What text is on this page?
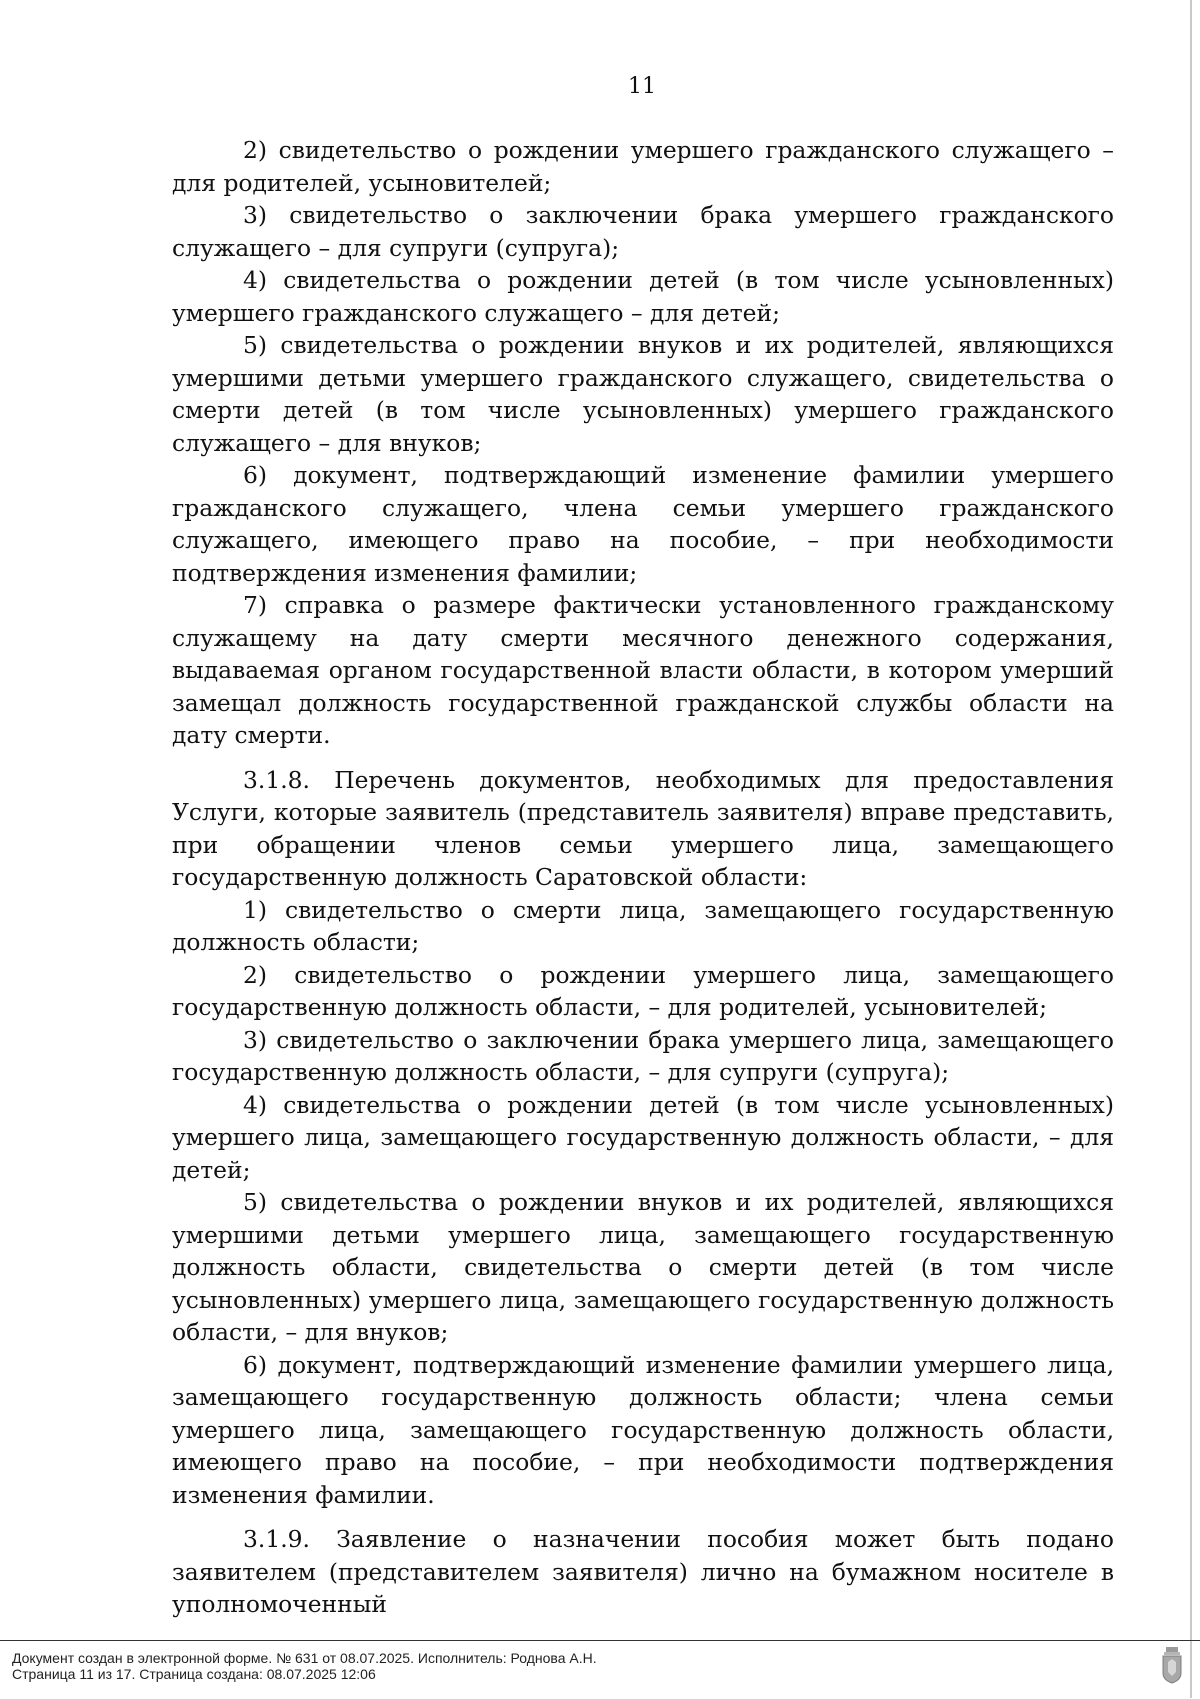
11

2) свидетельство о рождении умершего гражданского служащего – для родителей, усыновителей;

3) свидетельство о заключении брака умершего гражданского служащего – для супруги (супруга);

4) свидетельства о рождении детей (в том числе усыновленных) умершего гражданского служащего – для детей;

5) свидетельства о рождении внуков и их родителей, являющихся умершими детьми умершего гражданского служащего, свидетельства о смерти детей (в том числе усыновленных) умершего гражданского служащего – для внуков;

6) документ, подтверждающий изменение фамилии умершего гражданского служащего, члена семьи умершего гражданского служащего, имеющего право на пособие, – при необходимости подтверждения изменения фамилии;

7) справка о размере фактически установленного гражданскому служащему на дату смерти месячного денежного содержания, выдаваемая органом государственной власти области, в котором умерший замещал должность государственной гражданской службы области на дату смерти.

3.1.8. Перечень документов, необходимых для предоставления Услуги, которые заявитель (представитель заявителя) вправе представить, при обращении членов семьи умершего лица, замещающего государственную должность Саратовской области:

1) свидетельство о смерти лица, замещающего государственную должность области;

2) свидетельство о рождении умершего лица, замещающего государственную должность области, – для родителей, усыновителей;

3) свидетельство о заключении брака умершего лица, замещающего государственную должность области, – для супруги (супруга);

4) свидетельства о рождении детей (в том числе усыновленных) умершего лица, замещающего государственную должность области, – для детей;

5) свидетельства о рождении внуков и их родителей, являющихся умершими детьми умершего лица, замещающего государственную должность области, свидетельства о смерти детей (в том числе усыновленных) умершего лица, замещающего государственную должность области, – для внуков;

6) документ, подтверждающий изменение фамилии умершего лица, замещающего государственную должность области; члена семьи умершего лица, замещающего государственную должность области, имеющего право на пособие, – при необходимости подтверждения изменения фамилии.

3.1.9. Заявление о назначении пособия может быть подано заявителем (представителем заявителя) лично на бумажном носителе в уполномоченный

Документ создан в электронной форме. № 631 от 08.07.2025. Исполнитель: Роднова А.Н.
Страница 11 из 17. Страница создана: 08.07.2025 12:06
